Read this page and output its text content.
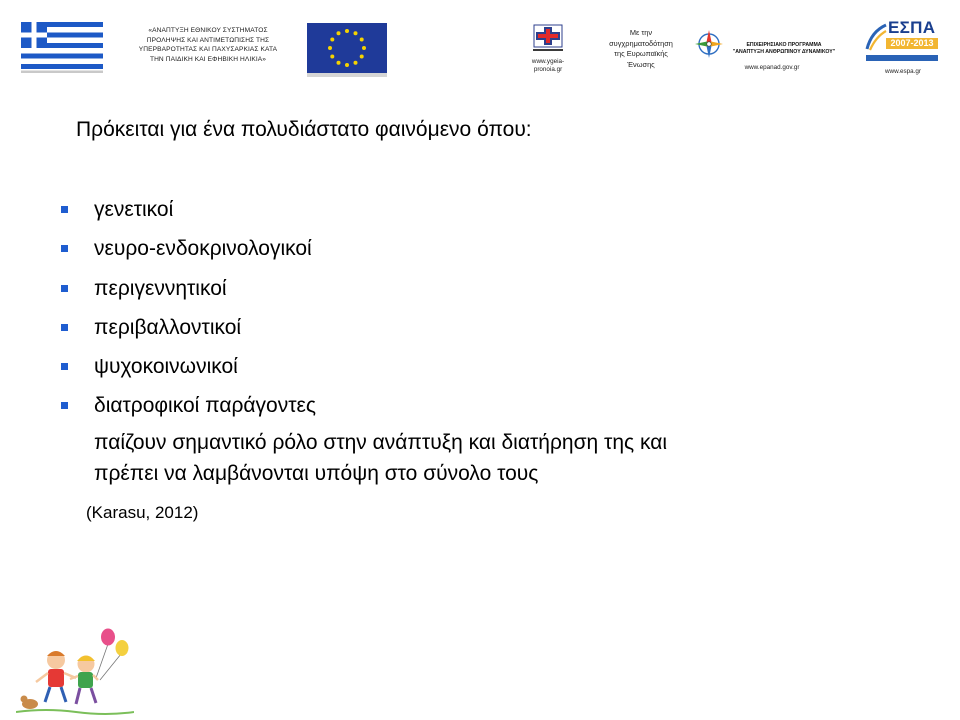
«ΑΝΑΠΤΥΞΗ ΕΘΝΙΚΟΥ ΣΥΣΤΗΜΑΤΟΣ
ΠΡΟΛΗΨΗΣ ΚΑΙ ΑΝΤΙΜΕΤΩΠΙΣΗΣ ΤΗΣ
ΥΠΕΡΒΑΡΟΤΗΤΑΣ ΚΑΙ ΠΑΧΥΣΑΡΚΙΑΣ ΚΑΤΑ
ΤΗΝ ΠΑΙΔΙΚΗ ΚΑΙ ΕΦΗΒΙΚΗ ΗΛΙΚΙΑ»	www.ygeia-
pronoia.gr
Με την
συγχρηματοδότηση
της Ευρωπαϊκής
Ένωσης
ΕΠΙΧΕΙΡΗΣΙΑΚΟ ΠΡΟΓΡΑΜΜΑ
"ΑΝΑΠΤΥΞΗ ΑΝΘΡΩΠΙΝΟΥ ΔΥΝΑΜΙΚΟΥ"
www.epanad.gov.gr
ΕΣΠΑ
2007-2013
www.espa.gr
Πρόκειται για ένα πολυδιάστατο φαινόμενο όπου:
γενετικοί
νευρο-ενδοκρινολογικοί
περιγεννητικοί
περιβαλλοντικοί
ψυχοκοινωνικοί
διατροφικοί παράγοντες
παίζουν σημαντικό ρόλο στην ανάπτυξη και διατήρηση της και
πρέπει να λαμβάνονται υπόψη στο σύνολο τους
(Karasu, 2012)
